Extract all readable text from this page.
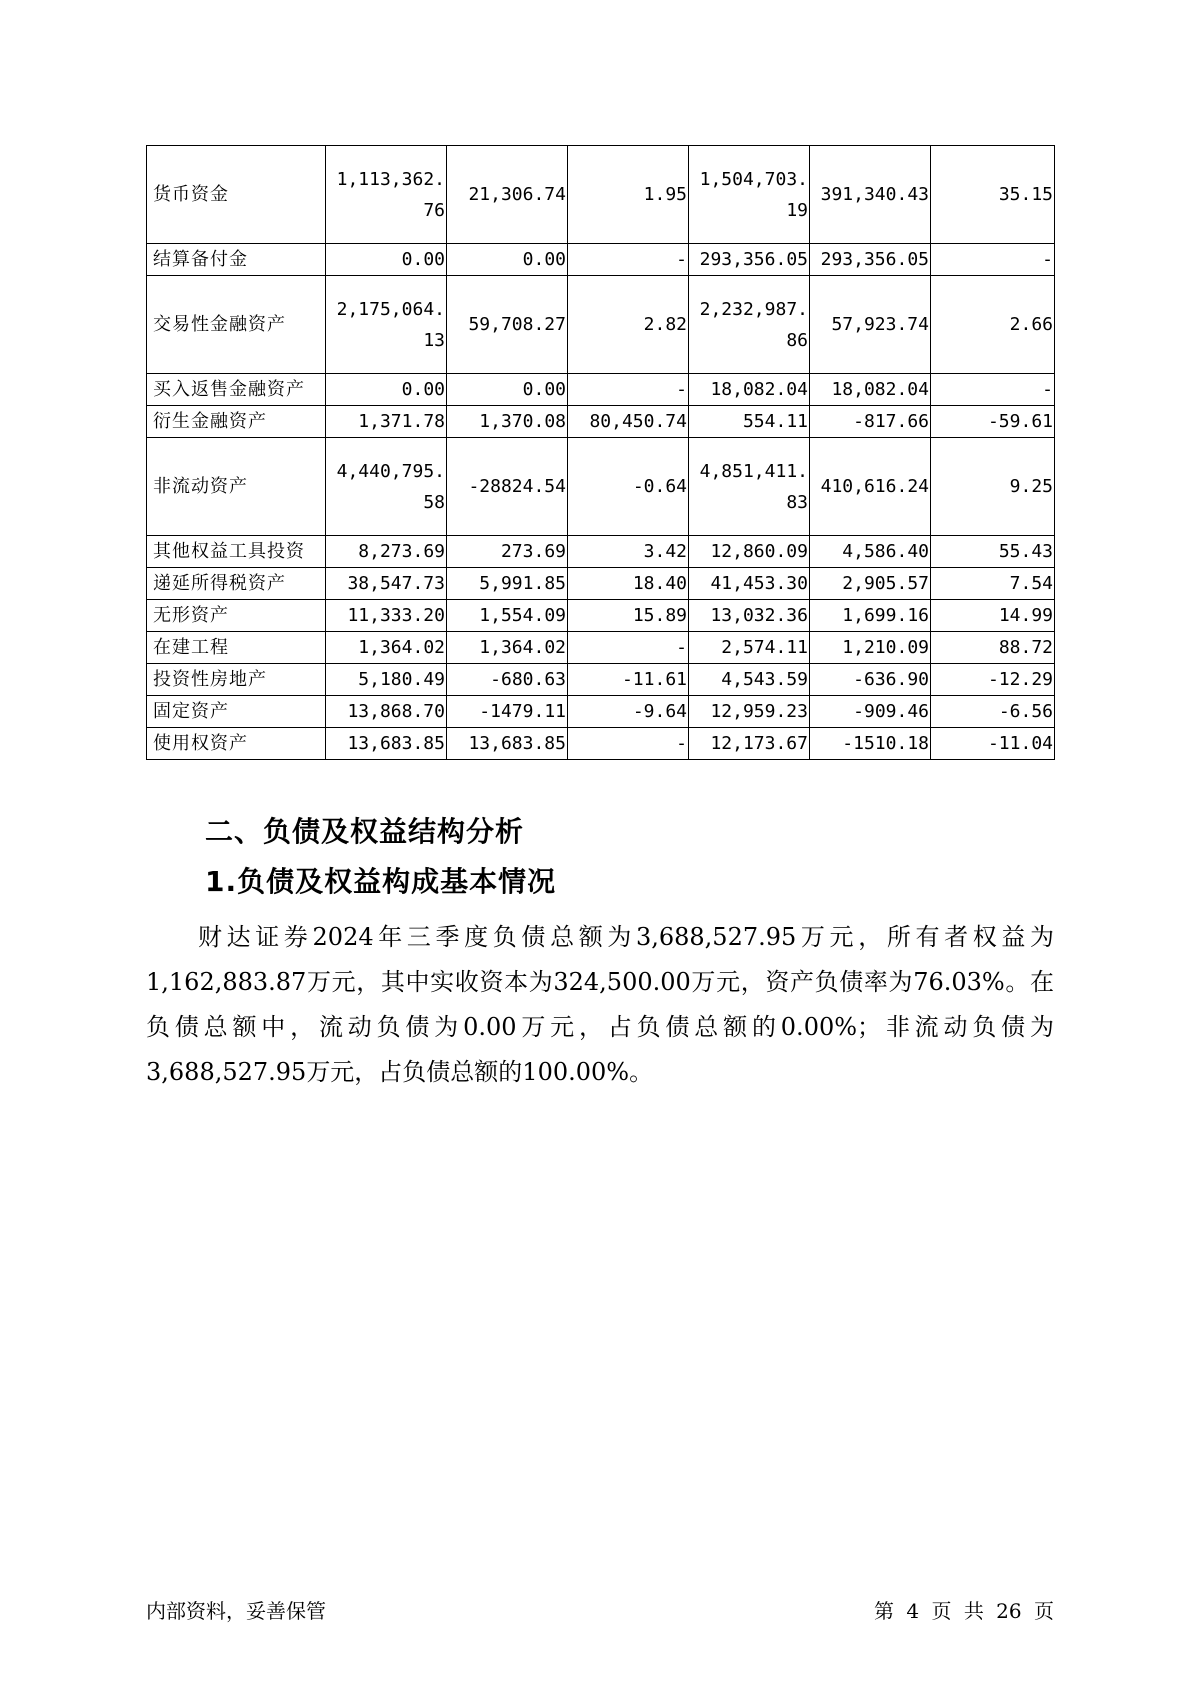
货币资金	1,113,362.76	21,306.74	1.95	1,504,703.19	391,340.43	35.15
结算备付金	0.00	0.00	-	293,356.05	293,356.05	-
交易性金融资产	2,175,064.13	59,708.27	2.82	2,232,987.86	57,923.74	2.66
买入返售金融资产	0.00	0.00	-	18,082.04	18,082.04	-
衍生金融资产	1,371.78	1,370.08	80,450.74	554.11	-817.66	-59.61
非流动资产	4,440,795.58	-28824.54	-0.64	4,851,411.83	410,616.24	9.25
其他权益工具投资	8,273.69	273.69	3.42	12,860.09	4,586.40	55.43
递延所得税资产	38,547.73	5,991.85	18.40	41,453.30	2,905.57	7.54
无形资产	11,333.20	1,554.09	15.89	13,032.36	1,699.16	14.99
在建工程	1,364.02	1,364.02	-	2,574.11	1,210.09	88.72
投资性房地产	5,180.49	-680.63	-11.61	4,543.59	-636.90	-12.29
固定资产	13,868.70	-1479.11	-9.64	12,959.23	-909.46	-6.56
使用权资产	13,683.85	13,683.85	-	12,173.67	-1510.18	-11.04
二、负债及权益结构分析
1.负债及权益构成基本情况

财达证券2024年三季度负债总额为3,688,527.95万元，所有者权益为1,162,883.87万元，其中实收资本为324,500.00万元，资产负债率为76.03%。在负债总额中，流动负债为0.00万元，占负债总额的0.00%；非流动负债为3,688,527.95万元，占负债总额的100.00%。

内部资料，妥善保管	第 4 页 共 26 页
